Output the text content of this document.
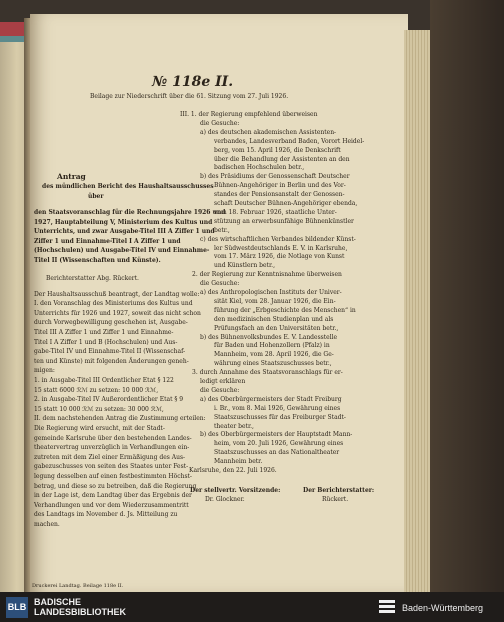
№ 118e II.
Beilage zur Niederschrift über die 61. Sitzung vom 27. Juli 1926.
Antrag
des mündlichen Bericht des Haushaltsausschusses
über
den Staatsvoranschlag für die Rechnungsjahre 1926 und
1927, Hauptabteilung V, Ministerium des Kultus und
Unterrichts, und zwar Ausgabe-Titel III A Ziffer 1 und
Ziffer 1 und Einnahme-Titel I A Ziffer 1 und
(Hochschulen) und Ausgabe-Titel IV und Einnahme-
Titel II (Wissenschaften und Künste).
Berichterstatter Abg. Rückert.
Der Haushaltsausschuß beantragt, der Landtag wolle:
I. den Voranschlag des Ministeriums des Kultus und
Unterrichts für 1926 und 1927, soweit das nicht schon
durch Vorwegbewilligung geschehen ist, Ausgabe-
Titel III A Ziffer 1 und Ziffer 1 und Einnahme-
Titel I A Ziffer 1 und B (Hochschulen) und Aus-
gabe-Titel IV und Einnahme-Titel II (Wissenschaf-
ten und Künste) mit folgenden Änderungen geneh-
migen:
1. in Ausgabe-Titel III Ordentlicher Etat § 122
15 statt 6000 ℛℳ zu setzen: 10 000 ℛℳ,
2. in Ausgabe-Titel IV Außerordentlicher Etat § 9
15 statt 10 000 ℛℳ zu setzen: 30 000 ℛℳ,
II. dem nachstehenden Antrag die Zustimmung erteilen:
Die Regierung wird ersucht, mit der Stadt-
gemeinde Karlsruhe über den bestehenden Landes-
theatervertrag unverzüglich in Verhandlungen ein-
zutreten mit dem Ziel einer Ermäßigung des Aus-
gabezuschusses von seiten des Staates unter Fest-
legung desselben auf einen festbestimmten Höchst-
betrag, und diese so zu betreiben, daß die Regierung
in der Lage ist, dem Landtag über das Ergebnis der
Verhandlungen und vor dem Wiederzusammentritt
des Landtags im November d. Js. Mitteilung zu
machen.
Druckerei Landtag. Beilage 118e II.
III. 1. der Regierung empfehlend überweisen
die Gesuche:
a) des deutschen akademischen Assistenten-
verbandes, Landesverband Baden, Vorort Heidel-
berg, vom 15. April 1926, die Denkschrift
über die Behandlung der Assistenten an den
badischen Hochschulen betr.,
b) des Präsidiums der Genossenschaft Deutscher
Bühnen-Angehöriger in Berlin und des Vor-
standes der Pensionsanstalt der Genossen-
schaft Deutscher Bühnen-Angehöriger ebenda,
vom 18. Februar 1926, staatliche Unter-
stützung an erwerbsunfähige Bühnenkünstler
betr.,
c) des wirtschaftlichen Verbandes bildender Künst-
ler Südwestdeutschlands E. V. in Karlsruhe,
vom 17. März 1926, die Notlage von Kunst
und Künstlern betr.,
2. der Regierung zur Kenntnisnahme überweisen
die Gesuche:
a) des Anthropologischen Instituts der Univer-
sität Kiel, vom 28. Januar 1926, die Ein-
führung der „Erbgeschichte des Menschen“ in
den medizinischen Studienplan und als
Prüfungsfach an den Universitäten betr.,
b) des Bühnenvolksbundes E. V. Landesstelle
für Baden und Hohenzollern (Pfalz) in
Mannheim, vom 28. April 1926, die Ge-
währung eines Staatszuschusses betr.,
3. durch Annahme des Staatsvoranschlags für er-
ledigt erklären
die Gesuche:
a) des Oberbürgermeisters der Stadt Freiburg
i. Br., vom 8. Mai 1926, Gewährung eines
Staatszuschusses für das Freiburger Stadt-
theater betr.,
b) des Oberbürgermeisters der Hauptstadt Mann-
heim, vom 20. Juli 1926, Gewährung eines
Staatszuschusses an das Nationaltheater
Mannheim betr.
Karlsruhe, den 22. Juli 1926.
Der stellvertr. Vorsitzende:
Dr. Glockner.
Der Berichterstatter:
Rückert.
BLB BADISCHE
LANDESBIBLIOTHEK	Baden-Württemberg
